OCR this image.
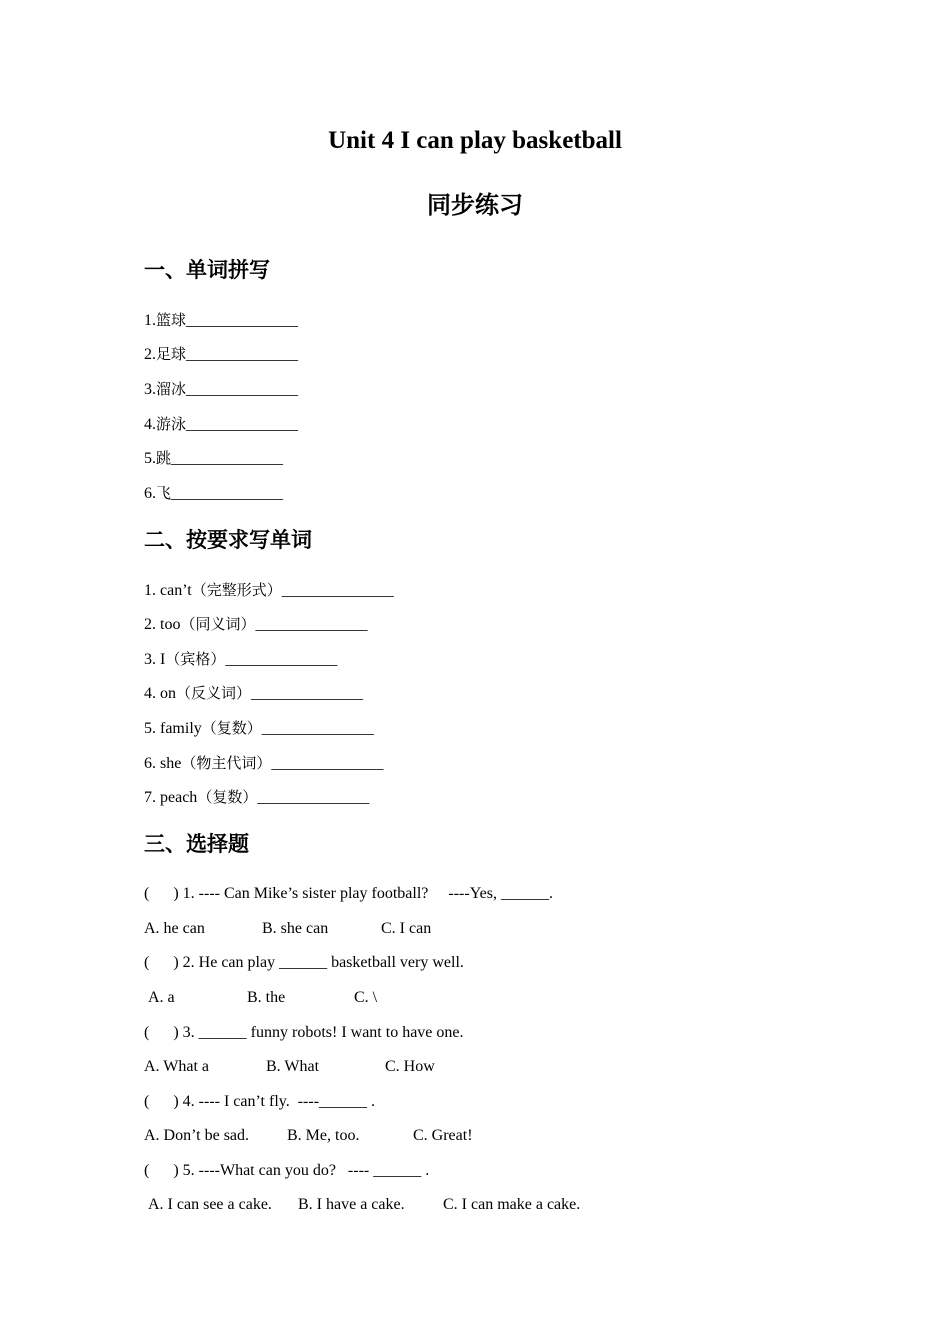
Unit 4 I can play basketball
同步练习
一、单词拼写
1.篮球______________
2.足球______________
3.溜冰______________
4.游泳______________
5.跳______________
6.飞______________
二、按要求写单词
1. can’t（完整形式）______________
2. too（同义词）______________
3. I（宾格）______________
4. on（反义词）______________
5. family（复数）______________
6. she（物主代词）______________
7. peach（复数）______________
三、选择题
(      ) 1. ---- Can Mike’s sister play football?     ----Yes, ______.
A. he can	B. she can	C. I can
(      ) 2. He can play ______ basketball very well.
A. a	B. the	C. \
(      ) 3. ______ funny robots! I want to have one.
A. What a	B. What	C. How
(      ) 4. ---- I can’t fly.  ----______ .
A. Don’t be sad. B. Me, too.	C. Great!
(      ) 5. ----What can you do?   ---- ______ .
A. I can see a cake. B. I have a cake. C. I can make a cake.
